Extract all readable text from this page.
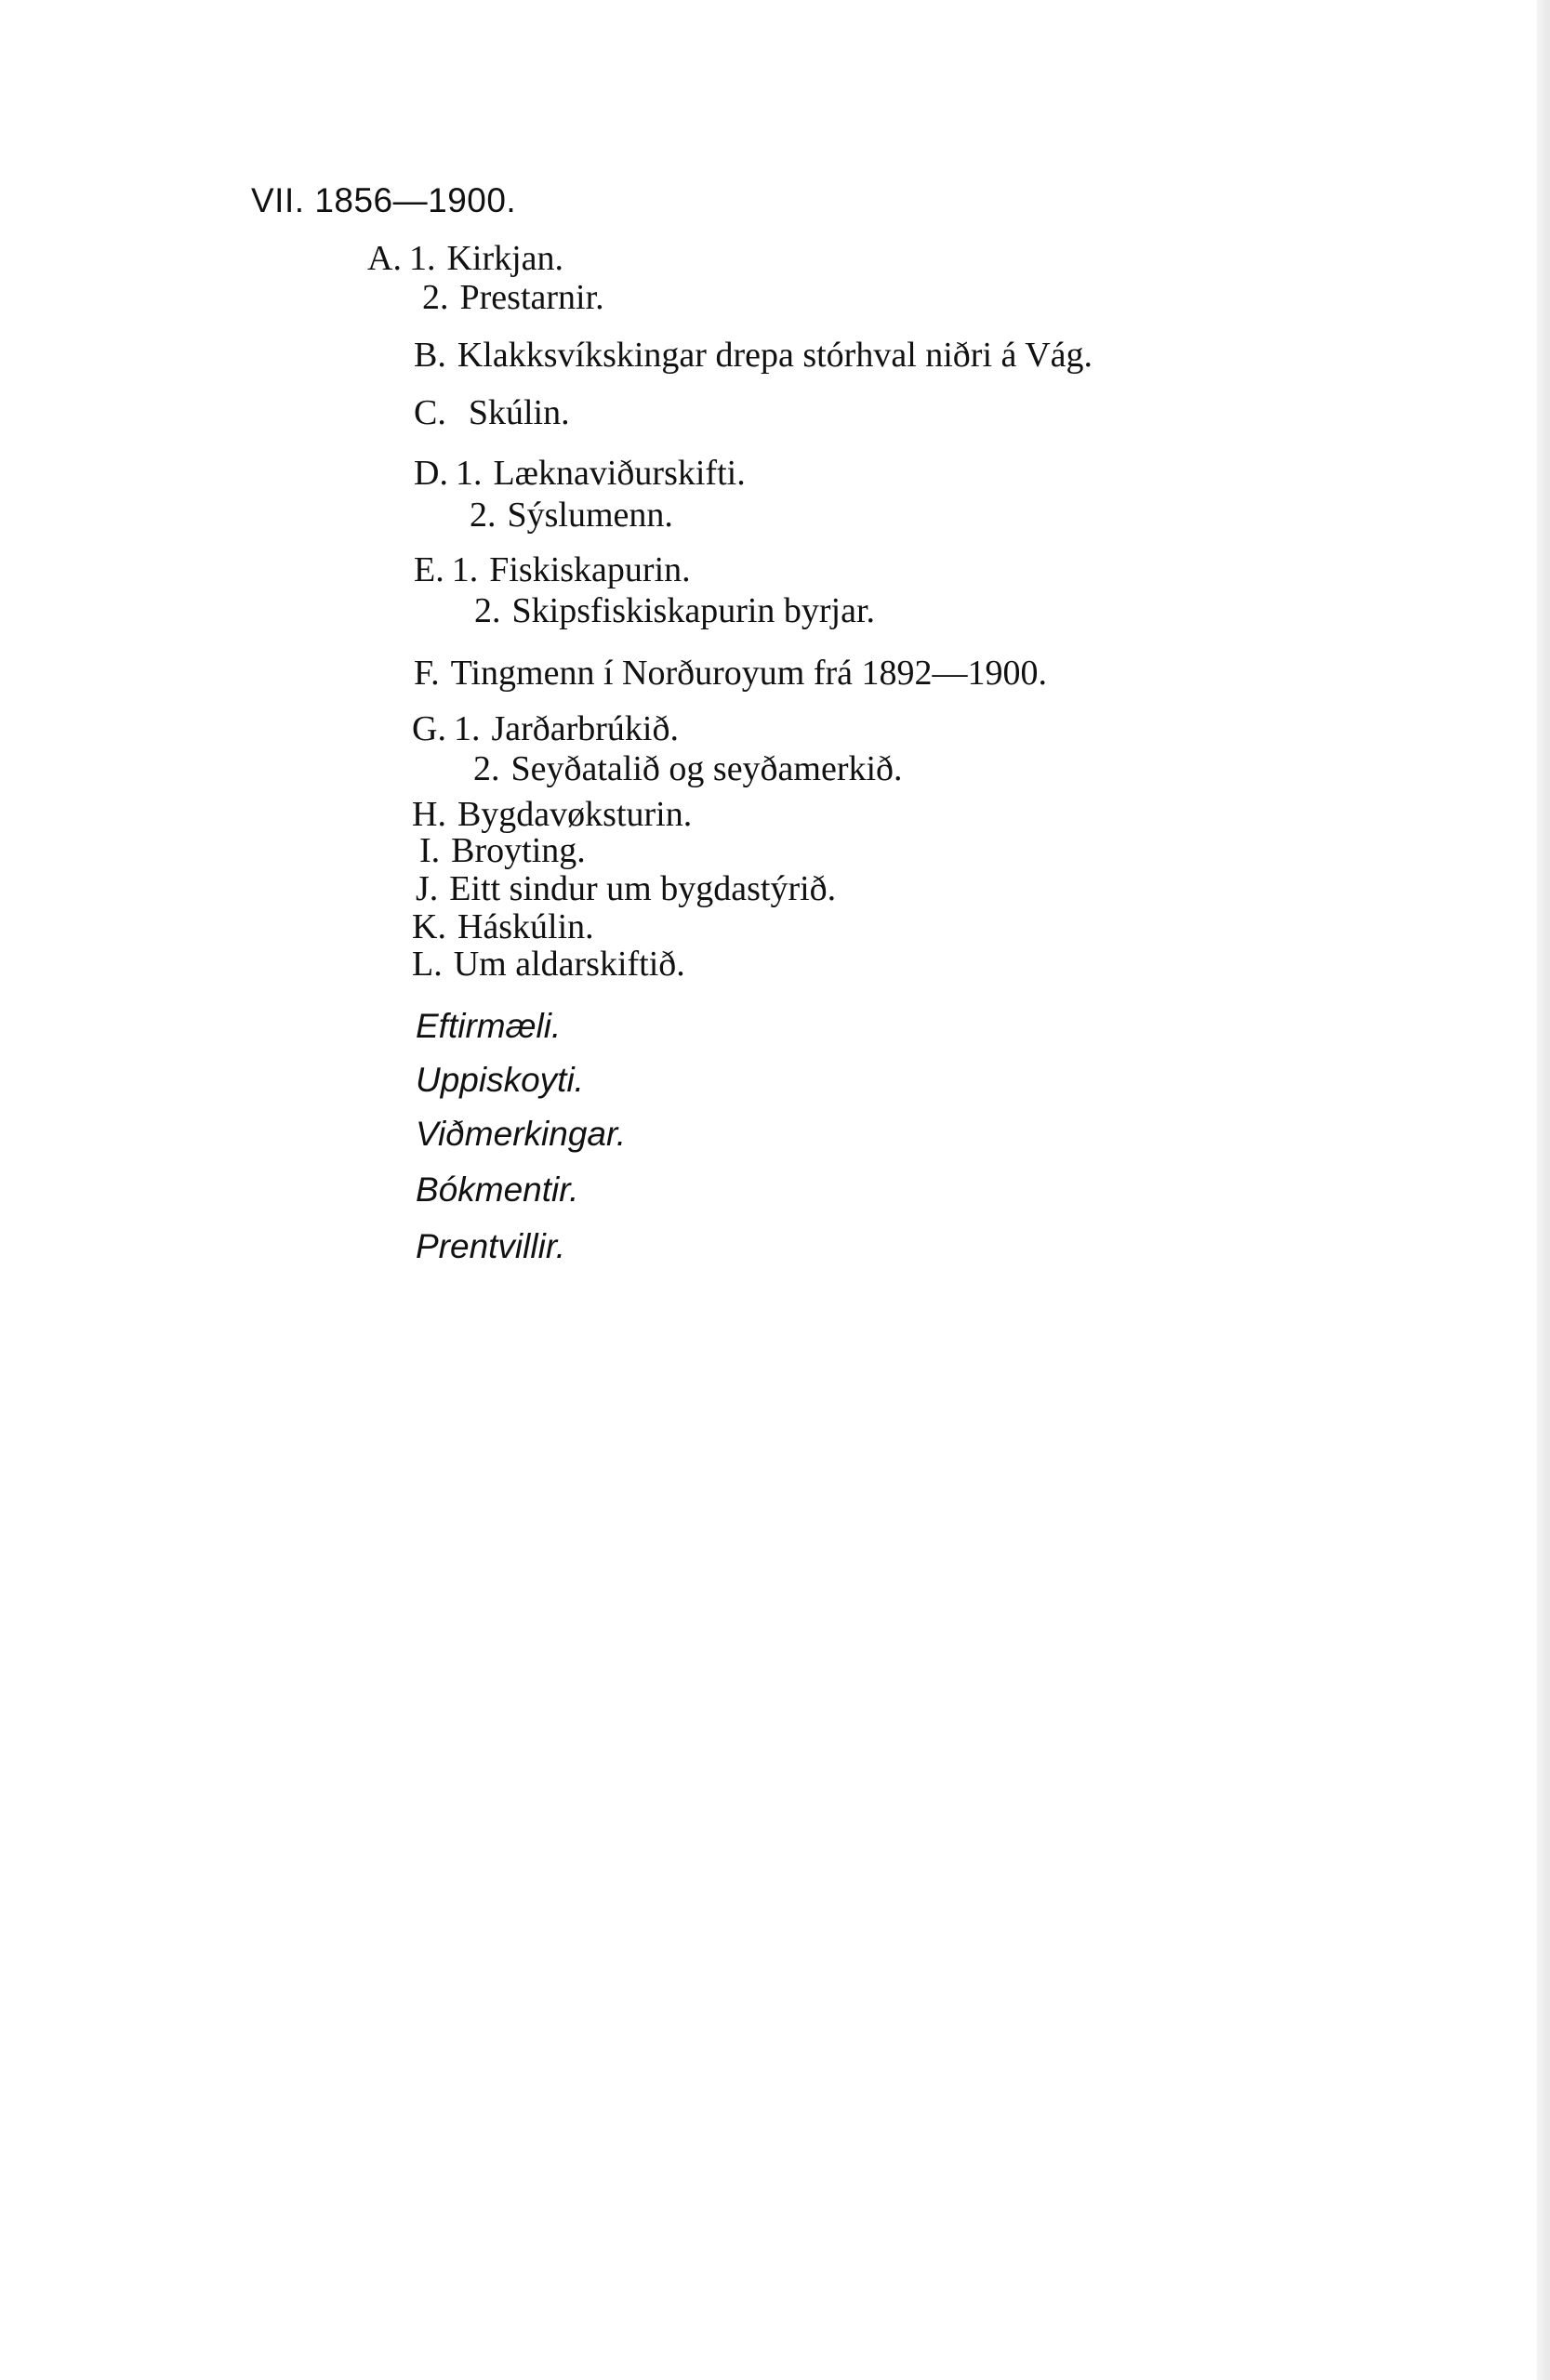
VII. 1856—1900.
A. 1. Kirkjan.
2. Prestarnir.
B. Klakksvíkskingar drepa stórhval niðri á Vág.
C. Skúlin.
D. 1. Læknaviðurskifti.
2. Sýslumenn.
E. 1. Fiskiskapurin.
2. Skipsfiskiskapurin byrjar.
F. Tingmenn í Norðuroyum frá 1892—1900.
G. 1. Jarðarbrúkið.
2. Seyðatalið og seyðamerkið.
H. Bygdavøksturin.
I. Broyting.
J. Eitt sindur um bygdastýrið.
K. Háskúlin.
L. Um aldarskiftið.
Eftirmæli.
Uppiskoyti.
Viðmerkingar.
Bókmentir.
Prentvillir.
